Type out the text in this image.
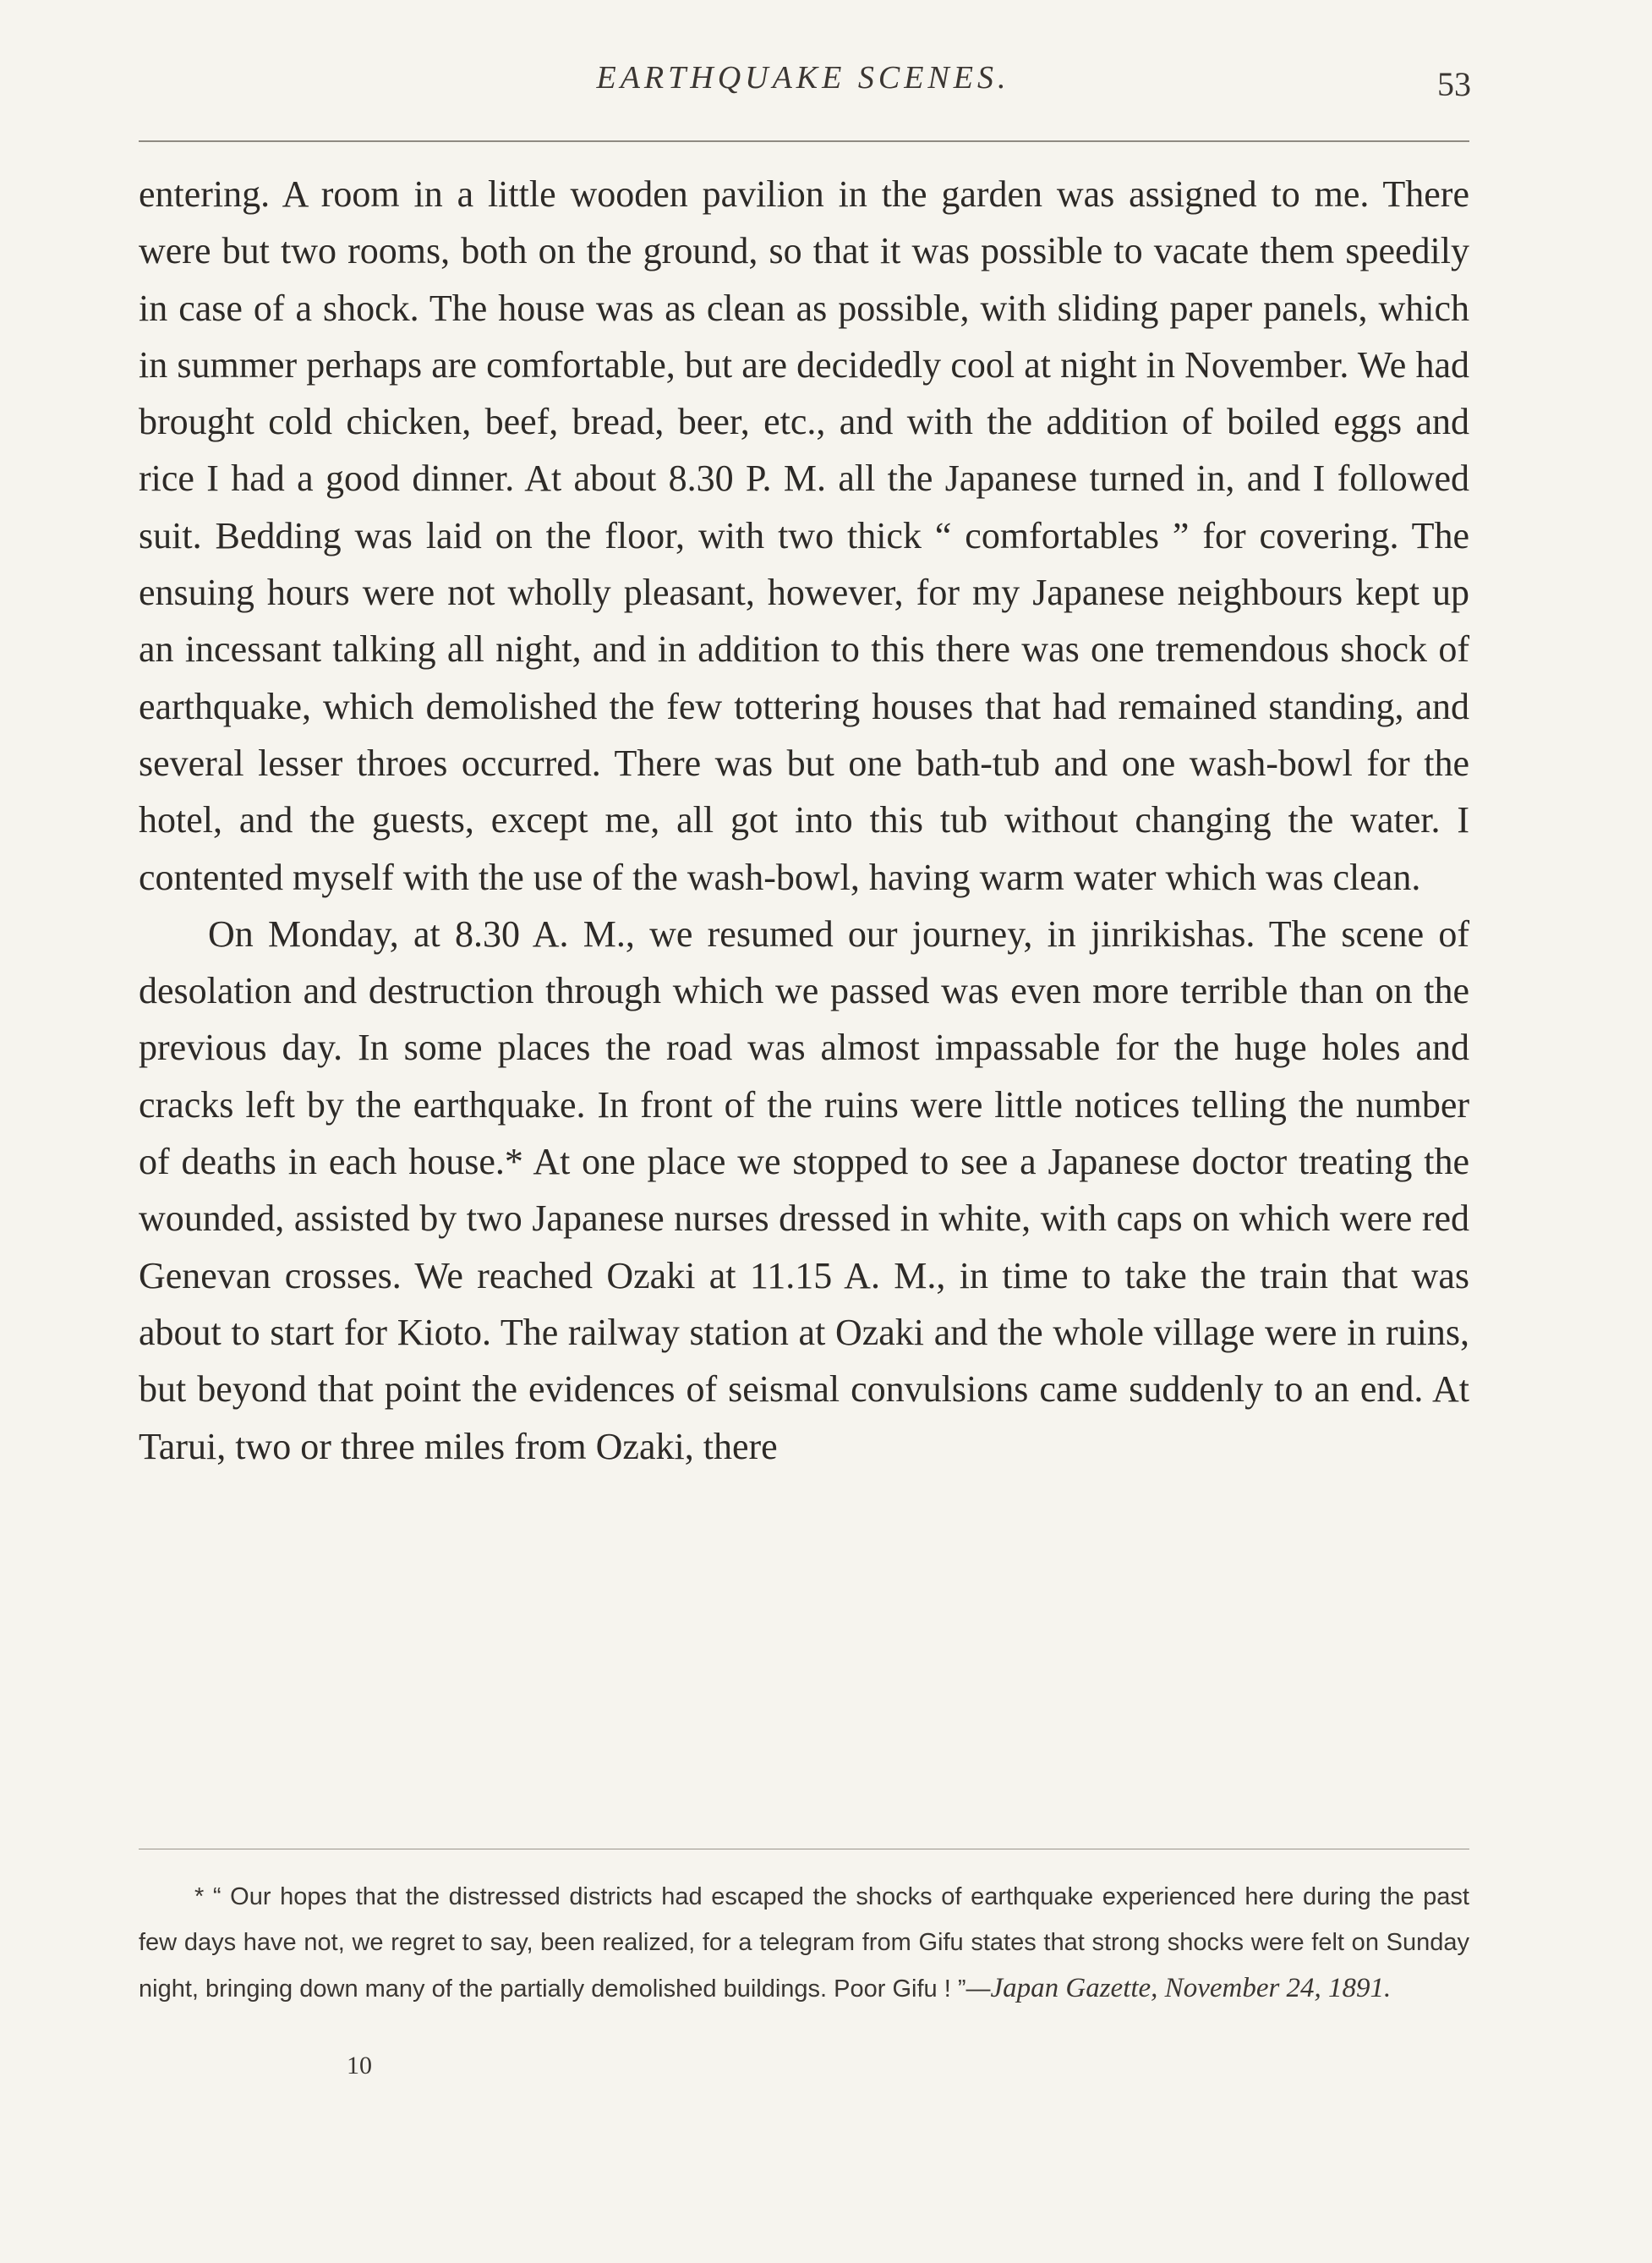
EARTHQUAKE SCENES.	53

entering. A room in a little wooden pavilion in the garden was assigned to me. There were but two rooms, both on the ground, so that it was possible to vacate them speedily in case of a shock. The house was as clean as possible, with sliding paper panels, which in summer perhaps are comfortable, but are decidedly cool at night in November. We had brought cold chicken, beef, bread, beer, etc., and with the addition of boiled eggs and rice I had a good dinner. At about 8.30 P. M. all the Japanese turned in, and I followed suit. Bedding was laid on the floor, with two thick “ comfortables ” for covering. The ensuing hours were not wholly pleasant, however, for my Japanese neighbours kept up an incessant talking all night, and in addition to this there was one tremendous shock of earthquake, which demolished the few tottering houses that had remained standing, and several lesser throes occurred. There was but one bath-tub and one wash-bowl for the hotel, and the guests, except me, all got into this tub without changing the water. I contented myself with the use of the wash-bowl, having warm water which was clean.

On Monday, at 8.30 A. M., we resumed our journey, in jinrikishas. The scene of desolation and destruction through which we passed was even more terrible than on the previous day. In some places the road was almost impassable for the huge holes and cracks left by the earthquake. In front of the ruins were little notices telling the number of deaths in each house.* At one place we stopped to see a Japanese doctor treating the wounded, assisted by two Japanese nurses dressed in white, with caps on which were red Genevan crosses. We reached Ozaki at 11.15 A. M., in time to take the train that was about to start for Kioto. The railway station at Ozaki and the whole village were in ruins, but beyond that point the evidences of seismal convulsions came suddenly to an end. At Tarui, two or three miles from Ozaki, there

* “ Our hopes that the distressed districts had escaped the shocks of earthquake experienced here during the past few days have not, we regret to say, been realized, for a telegram from Gifu states that strong shocks were felt on Sunday night, bringing down many of the partially demolished buildings. Poor Gifu ! ”—Japan Gazette, November 24, 1891.

10
